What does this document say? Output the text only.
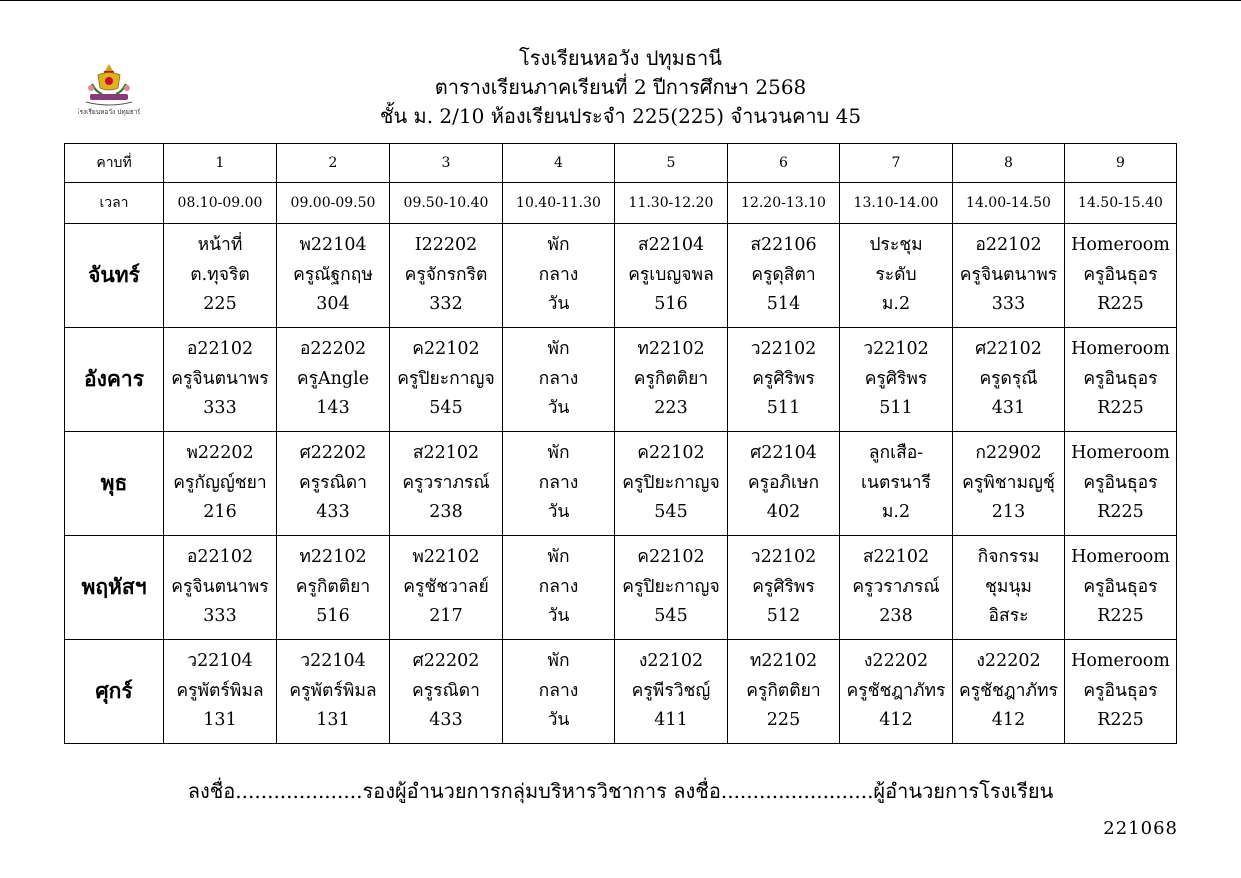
โรงเรียนหอวัง ปทุมธานี
โรงเรียนหอวัง ปทุมธานี
ตารางเรียนภาคเรียนที่ 2 ปีการศึกษา 2568
ชั้น ม. 2/10 ห้องเรียนประจำ 225(225) จำนวนคาบ 45
คาบที่	1	2	3	4	5	6	7	8	9
เวลา	08.10-09.00	09.00-09.50	09.50-10.40	10.40-11.30	11.30-12.20	12.20-13.10	13.10-14.00	14.00-14.50	14.50-15.40
จันทร์	หน้าที่
ต.ทุจริต
225	พ22104
ครูณัฐกฤษ
304	I22202
ครูจักรกริต
332	พัก
กลาง
วัน	ส22104
ครูเบญจพล
516	ส22106
ครูดุสิตา
514	ประชุม
ระดับ
ม.2	อ22102
ครูจินตนาพร
333	Homeroom
ครูอินธุอร
R225

อังคาร	อ22102
ครูจินตนาพร
333	อ22202
ครูAngle
143	ค22102
ครูปิยะกาญจ
545	พัก
กลาง
วัน	ท22102
ครูกิตติยา
223	ว22102
ครูศิริพร
511	ว22102
ครูศิริพร
511	ศ22102
ครูดรุณี
431	Homeroom
ครูอินธุอร
R225

พุธ	พ22202
ครูกัญญ์ชยา
216	ศ22202
ครูรณิดา
433	ส22102
ครูวราภรณ์
238	พัก
กลาง
วัน	ค22102
ครูปิยะกาญจ
545	ศ22104
ครูอภิเษก
402	ลูกเสือ-
เนตรนารี
ม.2	ก22902
ครูพิชามญชุ์
213	Homeroom
ครูอินธุอร
R225

พฤหัสฯ	อ22102
ครูจินตนาพร
333	ท22102
ครูกิตติยา
516	พ22102
ครูชัชวาลย์
217	พัก
กลาง
วัน	ค22102
ครูปิยะกาญจ
545	ว22102
ครูศิริพร
512	ส22102
ครูวราภรณ์
238	กิจกรรม
ชุมนุม
อิสระ	Homeroom
ครูอินธุอร
R225

ศุกร์	ว22104
ครูพัตร์พิมล
131	ว22104
ครูพัตร์พิมล
131	ศ22202
ครูรณิดา
433	พัก
กลาง
วัน	ง22102
ครูพีรวิชญ์
411	ท22102
ครูกิตติยา
225	ง22202
ครูชัชฎาภัทร
412	ง22202
ครูชัชฎาภัทร
412	Homeroom
ครูอินธุอร
R225
ลงชื่อ....................รองผู้อำนวยการกลุ่มบริหารวิชาการ ลงชื่อ........................ผู้อำนวยการโรงเรียน
221068
